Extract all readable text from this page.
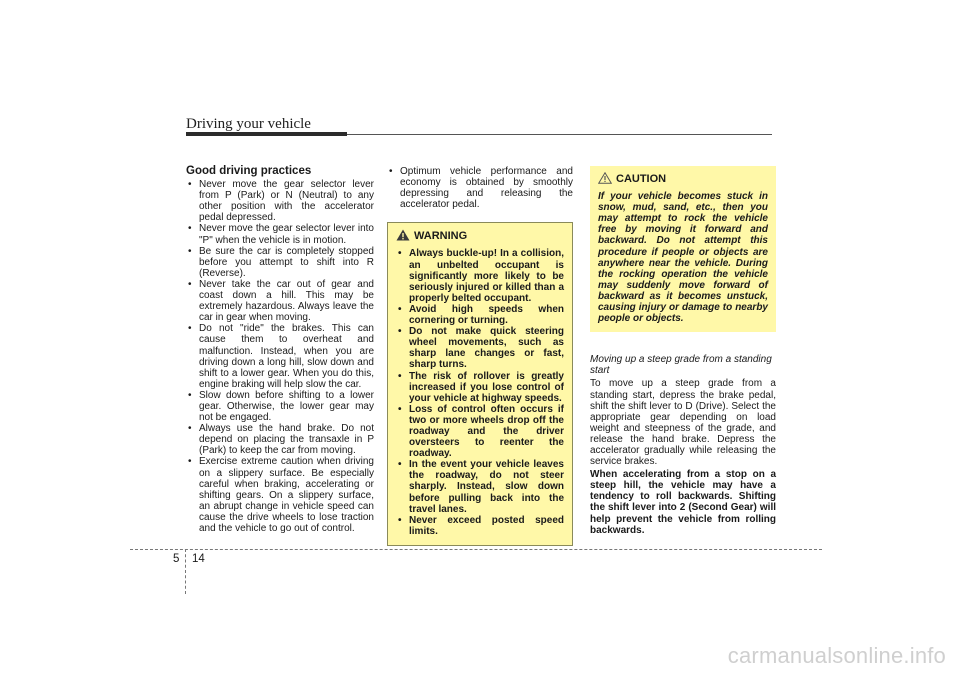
Driving your vehicle
Good driving practices
• Never move the gear selector lever from P (Park) or N (Neutral) to any other position with the accelerator pedal depressed.
• Never move the gear selector lever into "P" when the vehicle is in motion.
• Be sure the car is completely stopped before you attempt to shift into R (Reverse).
• Never take the car out of gear and coast down a hill. This may be extremely hazardous. Always leave the car in gear when moving.
• Do not "ride" the brakes. This can cause them to overheat and malfunction. Instead, when you are driving down a long hill, slow down and shift to a lower gear. When you do this, engine braking will help slow the car.
• Slow down before shifting to a lower gear. Otherwise, the lower gear may not be engaged.
• Always use the hand brake. Do not depend on placing the transaxle in P (Park) to keep the car from moving.
• Exercise extreme caution when driving on a slippery surface. Be especially careful when braking, accelerating or shifting gears. On a slippery surface, an abrupt change in vehicle speed can cause the drive wheels to lose traction and the vehicle to go out of control.
• Optimum vehicle performance and economy is obtained by smoothly depressing and releasing the accelerator pedal.
WARNING
• Always buckle-up! In a collision, an unbelted occupant is significantly more likely to be seriously injured or killed than a properly belted occupant.
• Avoid high speeds when cornering or turning.
• Do not make quick steering wheel movements, such as sharp lane changes or fast, sharp turns.
• The risk of rollover is greatly increased if you lose control of your vehicle at highway speeds.
• Loss of control often occurs if two or more wheels drop off the roadway and the driver oversteers to reenter the roadway.
• In the event your vehicle leaves the roadway, do not steer sharply. Instead, slow down before pulling back into the travel lanes.
• Never exceed posted speed limits.
CAUTION

If your vehicle becomes stuck in snow, mud, sand, etc., then you may attempt to rock the vehicle free by moving it forward and backward. Do not attempt this procedure if people or objects are anywhere near the vehicle. During the rocking operation the vehicle may suddenly move forward of backward as it becomes unstuck, causing injury or damage to nearby people or objects.

Moving up a steep grade from a standing start

To move up a steep grade from a standing start, depress the brake pedal, shift the shift lever to D (Drive). Select the appropriate gear depending on load weight and steepness of the grade, and release the hand brake. Depress the accelerator gradually while releasing the service brakes.

When accelerating from a stop on a steep hill, the vehicle may have a tendency to roll backwards. Shifting the shift lever into 2 (Second Gear) will help prevent the vehicle from rolling backwards.

5 14
carmanualsonline.info
